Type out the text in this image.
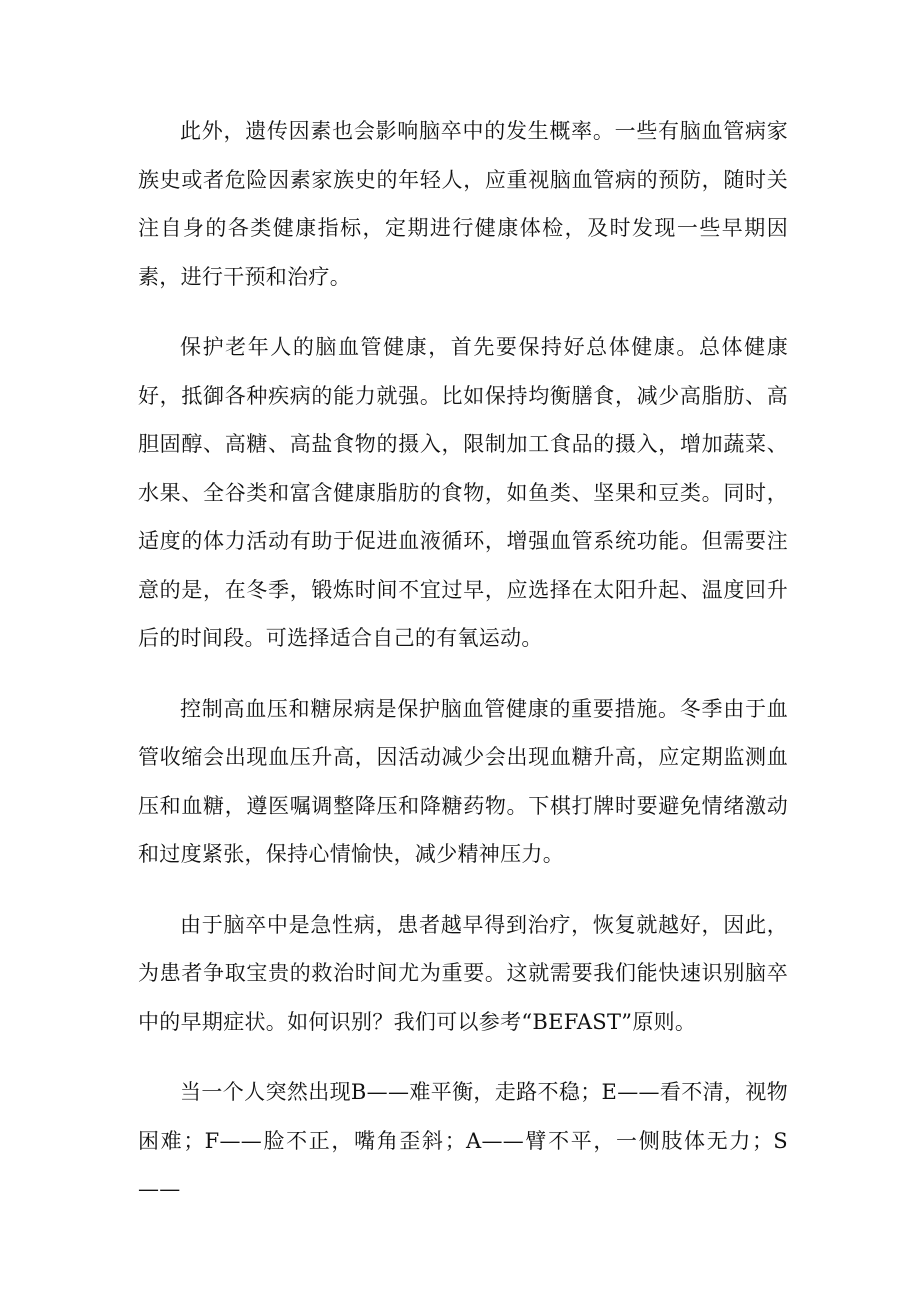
此外，遗传因素也会影响脑卒中的发生概率。一些有脑血管病家族史或者危险因素家族史的年轻人，应重视脑血管病的预防，随时关注自身的各类健康指标，定期进行健康体检，及时发现一些早期因素，进行干预和治疗。

保护老年人的脑血管健康，首先要保持好总体健康。总体健康好，抵御各种疾病的能力就强。比如保持均衡膳食，减少高脂肪、高胆固醇、高糖、高盐食物的摄入，限制加工食品的摄入，增加蔬菜、水果、全谷类和富含健康脂肪的食物，如鱼类、坚果和豆类。同时，适度的体力活动有助于促进血液循环，增强血管系统功能。但需要注意的是，在冬季，锻炼时间不宜过早，应选择在太阳升起、温度回升后的时间段。可选择适合自己的有氧运动。

控制高血压和糖尿病是保护脑血管健康的重要措施。冬季由于血管收缩会出现血压升高，因活动减少会出现血糖升高，应定期监测血压和血糖，遵医嘱调整降压和降糖药物。下棋打牌时要避免情绪激动和过度紧张，保持心情愉快，减少精神压力。

由于脑卒中是急性病，患者越早得到治疗，恢复就越好，因此，为患者争取宝贵的救治时间尤为重要。这就需要我们能快速识别脑卒中的早期症状。如何识别？我们可以参考“BEFAST”原则。

当一个人突然出现B——难平衡，走路不稳；E——看不清，视物困难；F——脸不正，嘴角歪斜；A——臂不平，一侧肢体无力；S——
